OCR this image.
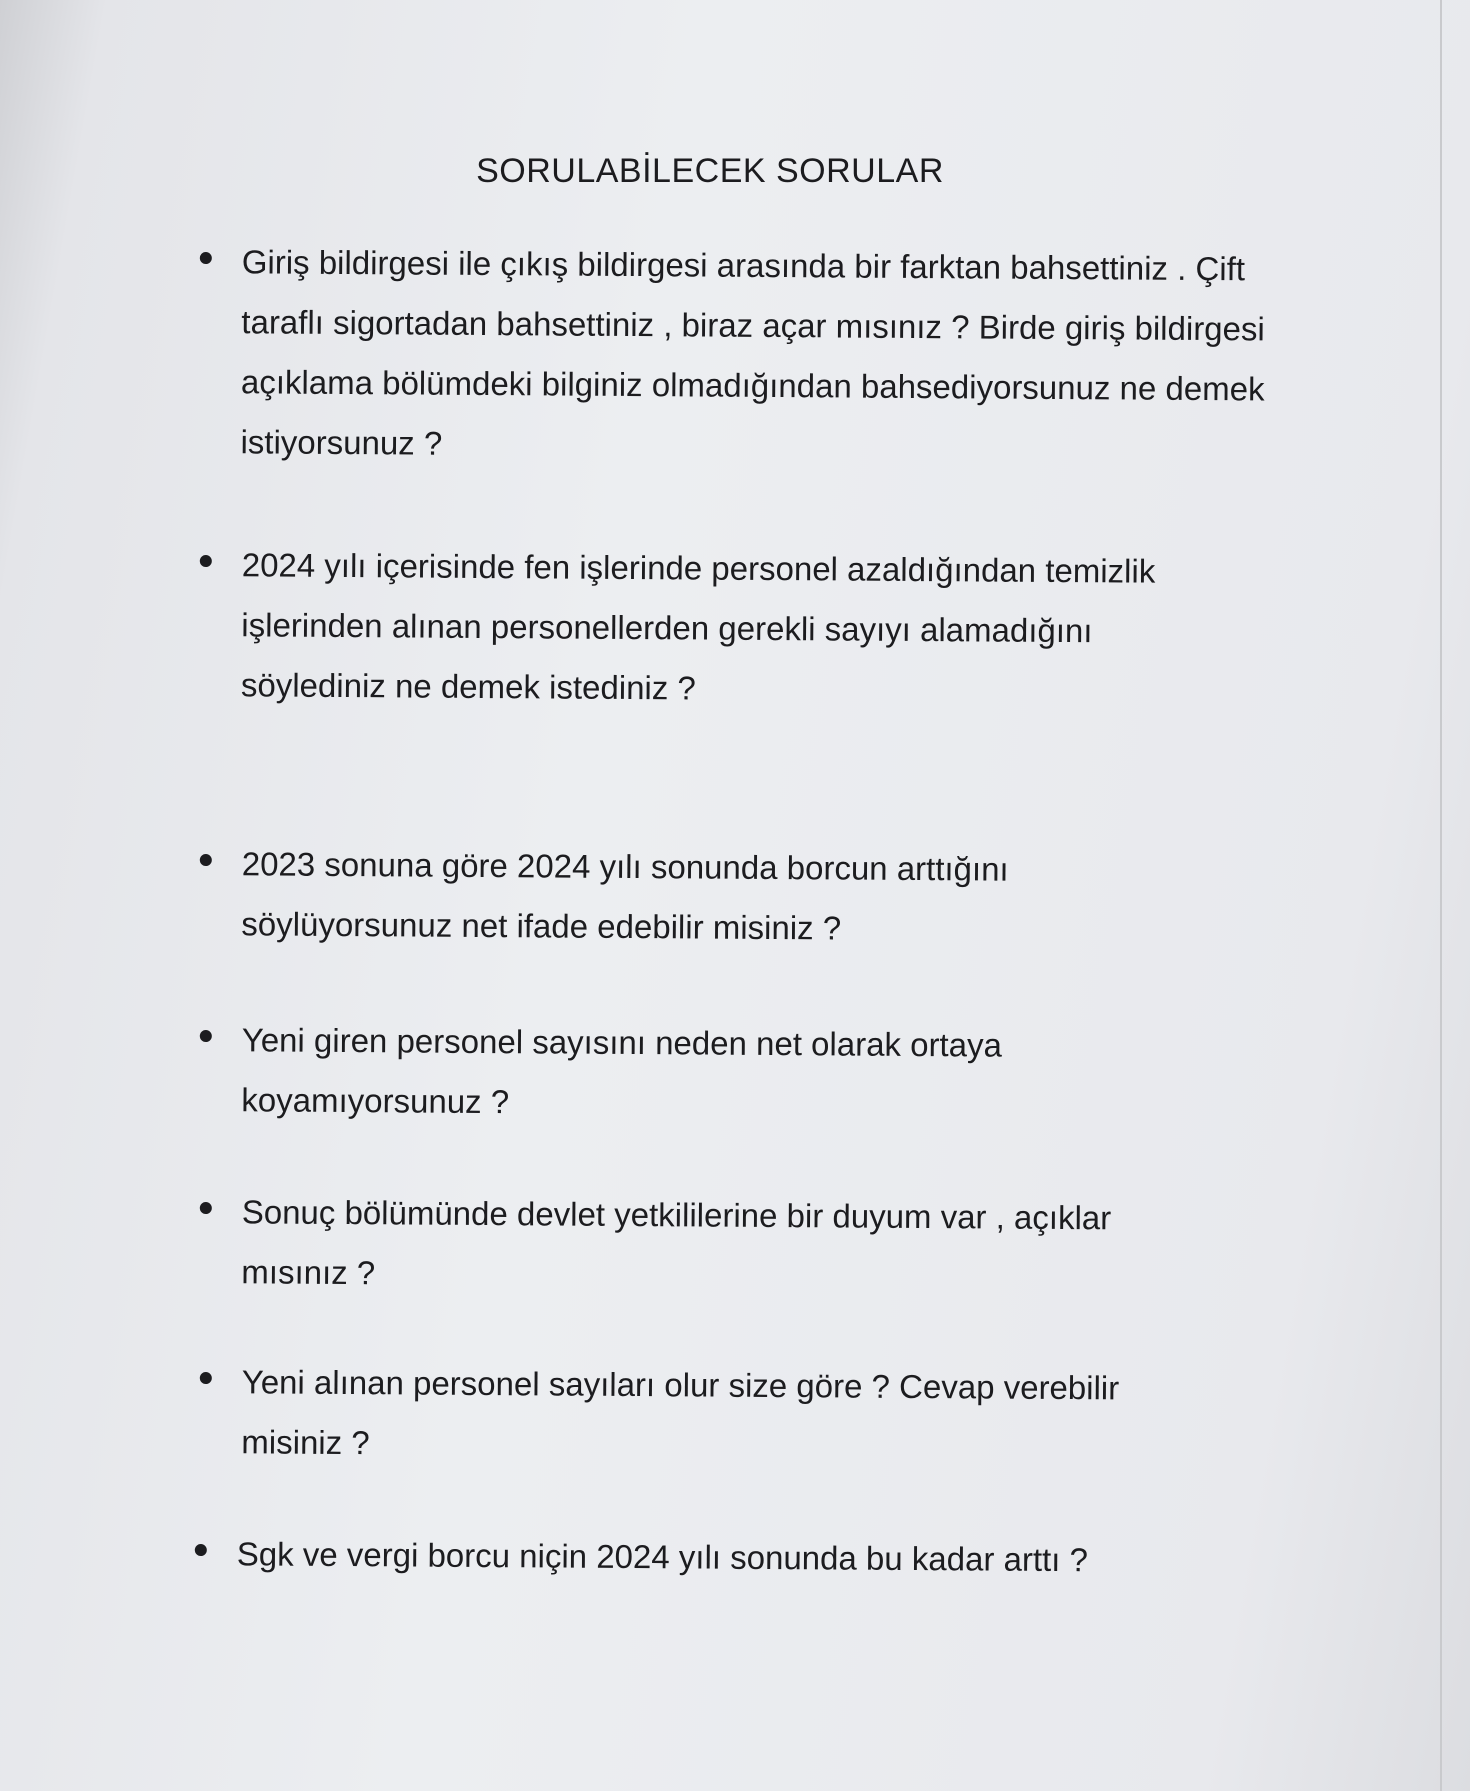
SORULABİLECEK SORULAR
Giriş bildirgesi ile çıkış bildirgesi arasında bir farktan bahsettiniz . Çift taraflı sigortadan bahsettiniz , biraz açar mısınız ? Birde giriş bildirgesi açıklama bölümdeki bilginiz olmadığından bahsediyorsunuz ne demek istiyorsunuz ?
2024 yılı içerisinde fen işlerinde personel azaldığından temizlik işlerinden alınan personellerden gerekli sayıyı alamadığını söylediniz ne demek istediniz ?
2023 sonuna göre 2024 yılı sonunda borcun arttığını söylüyorsunuz net ifade edebilir misiniz ?
Yeni giren personel sayısını neden net olarak ortaya koyamıyorsunuz ?
Sonuç bölümünde devlet yetkililerine bir duyum var , açıklar mısınız ?
Yeni alınan personel sayıları olur size göre ? Cevap verebilir misiniz ?
Sgk ve vergi borcu niçin 2024 yılı sonunda bu kadar arttı ?
